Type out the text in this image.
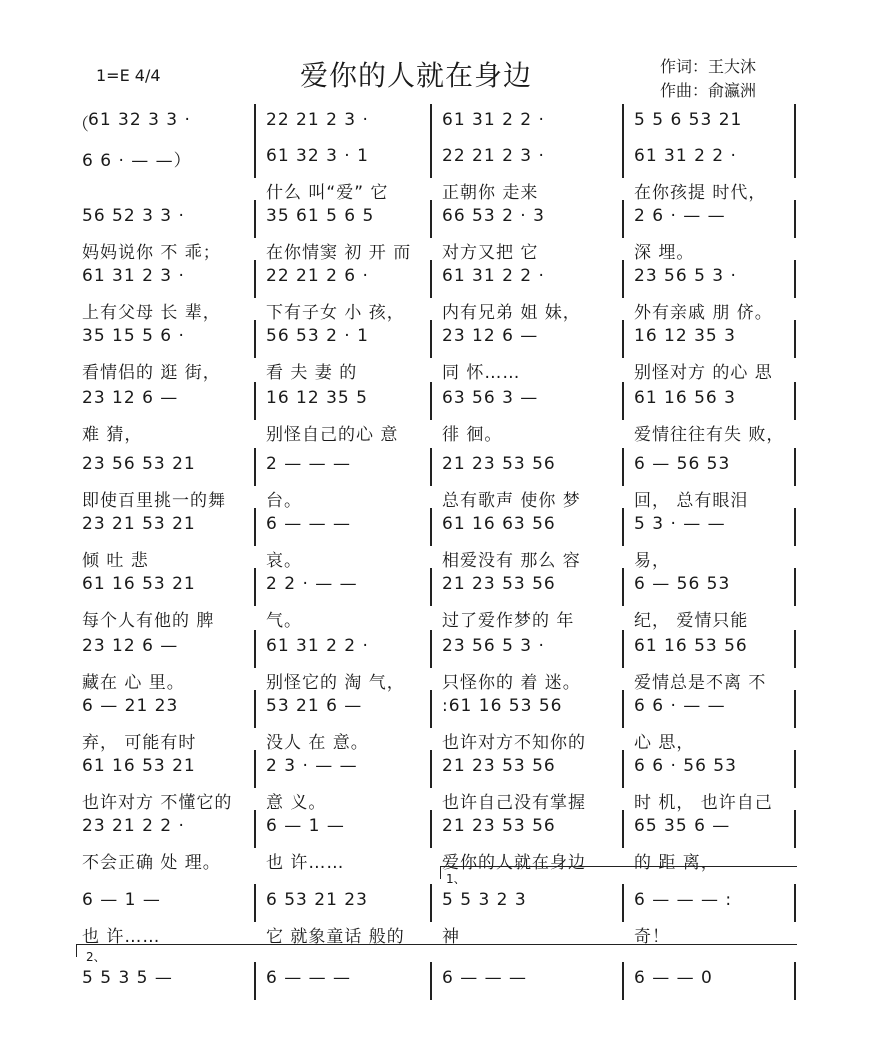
1=E 4/4	爱你的人就在身边	作词：王大沐
作曲：俞瀛洲
（ 61 32 3 3 ·	22 21 2 3 ·	61 31 2 2 ·	5 5 6 53 21
6 6 · — —）	61 32 3 · 1
什么 叫“爱” 它
22 21 2 3 ·
正朝你 走来
61 31 2 2 ·
在你孩提 时代，
56 52 3 3 ·
妈妈说你 不 乖；
35 61 5 6 5
在你情窦 初 开 而
66 53 2 · 3
对方又把 它
2 6 · — —
深 埋。
61 31 2 3 ·
上有父母 长 辈，
22 21 2 6 ·
下有子女 小 孩，
61 31 2 2 ·
内有兄弟 姐 妹，
23 56 5 3 ·
外有亲戚 朋 侪。
35 15 5 6 ·
看情侣的 逛 街，
56 53 2 · 1
看 夫 妻 的
23 12 6 —
同 怀……
16 12 35 3
别怪对方 的心 思
23 12 6 —
难 猜，
16 12 35 5
别怪自己的心 意
63 56 3 —
徘 徊。
61 16 56 3
爱情往往有失 败，
23 56 53 21
即使百里挑一的舞
2 — — —
台。
21 23 53 56
总有歌声 使你 梦
6 — 56 53
回， 总有眼泪
23 21 53 21
倾 吐 悲
6 — — —
哀。
61 16 63 56
相爱没有 那么 容
5 3 · — —
易，
61 16 53 21
每个人有他的 脾
2 2 · — —
气。
21 23 53 56
过了爱作梦的 年
6 — 56 53
纪， 爱情只能
23 12 6 —
藏在 心 里。
61 31 2 2 ·
别怪它的 淘 气，
23 56 5 3 ·
只怪你的 着 迷。
61 16 53 56
爱情总是不离 不
6 — 21 23
弃， 可能有时
53 21 6 —
没人 在 意。
:61 16 53 56
也许对方不知你的
6 6 · — —
心 思，
61 16 53 21
也许对方 不懂它的
2 3 · — —
意 义。
21 23 53 56
也许自己没有掌握
6 6 · 56 53
时 机， 也许自己
23 21 2 2 ·
不会正确 处 理。
6 — 1 —
也 许……
21 23 53 56
爱你的人就在身边
65 35 6 —
的 距 离，
6 — 1 —
也 许……
6 53 21 23
它 就象童话 般的
5 5 3 2 3
神
6 — — — :
奇！
5 5 3 5 —	6 — — —	6 — — —	6 — — 0
1、
2、
